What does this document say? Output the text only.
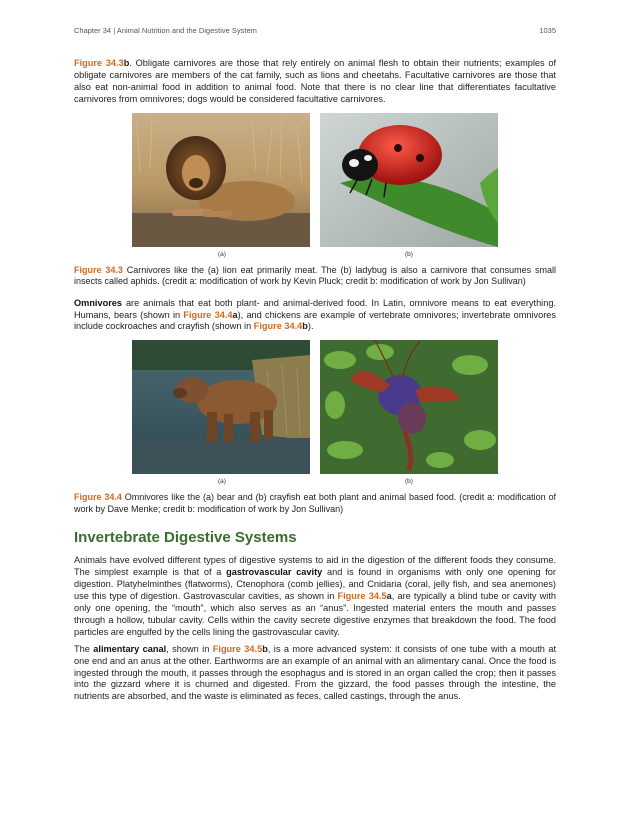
Chapter 34 | Animal Nutrition and the Digestive System	1035

Figure 34.3b. Obligate carnivores are those that rely entirely on animal flesh to obtain their nutrients; examples of obligate carnivores are members of the cat family, such as lions and cheetahs. Facultative carnivores are those that also eat non-animal food in addition to animal food. Note that there is no clear line that differentiates facultative carnivores from omnivores; dogs would be considered facultative carnivores.

(a)	(b)

Figure 34.3 Carnivores like the (a) lion eat primarily meat. The (b) ladybug is also a carnivore that consumes small insects called aphids. (credit a: modification of work by Kevin Pluck; credit b: modification of work by Jon Sullivan)

Omnivores are animals that eat both plant- and animal-derived food. In Latin, omnivore means to eat everything. Humans, bears (shown in Figure 34.4a), and chickens are example of vertebrate omnivores; invertebrate omnivores include cockroaches and crayfish (shown in Figure 34.4b).

(a)	(b)

Figure 34.4 Omnivores like the (a) bear and (b) crayfish eat both plant and animal based food. (credit a: modification of work by Dave Menke; credit b: modification of work by Jon Sullivan)

Invertebrate Digestive Systems

Animals have evolved different types of digestive systems to aid in the digestion of the different foods they consume. The simplest example is that of a gastrovascular cavity and is found in organisms with only one opening for digestion. Platyhelminthes (flatworms), Ctenophora (comb jellies), and Cnidaria (coral, jelly fish, and sea anemones) use this type of digestion. Gastrovascular cavities, as shown in Figure 34.5a, are typically a blind tube or cavity with only one opening, the “mouth”, which also serves as an “anus”. Ingested material enters the mouth and passes through a hollow, tubular cavity. Cells within the cavity secrete digestive enzymes that breakdown the food. The food particles are engulfed by the cells lining the gastrovascular cavity.

The alimentary canal, shown in Figure 34.5b, is a more advanced system: it consists of one tube with a mouth at one end and an anus at the other. Earthworms are an example of an animal with an alimentary canal. Once the food is ingested through the mouth, it passes through the esophagus and is stored in an organ called the crop; then it passes into the gizzard where it is churned and digested. From the gizzard, the food passes through the intestine, the nutrients are absorbed, and the waste is eliminated as feces, called castings, through the anus.
